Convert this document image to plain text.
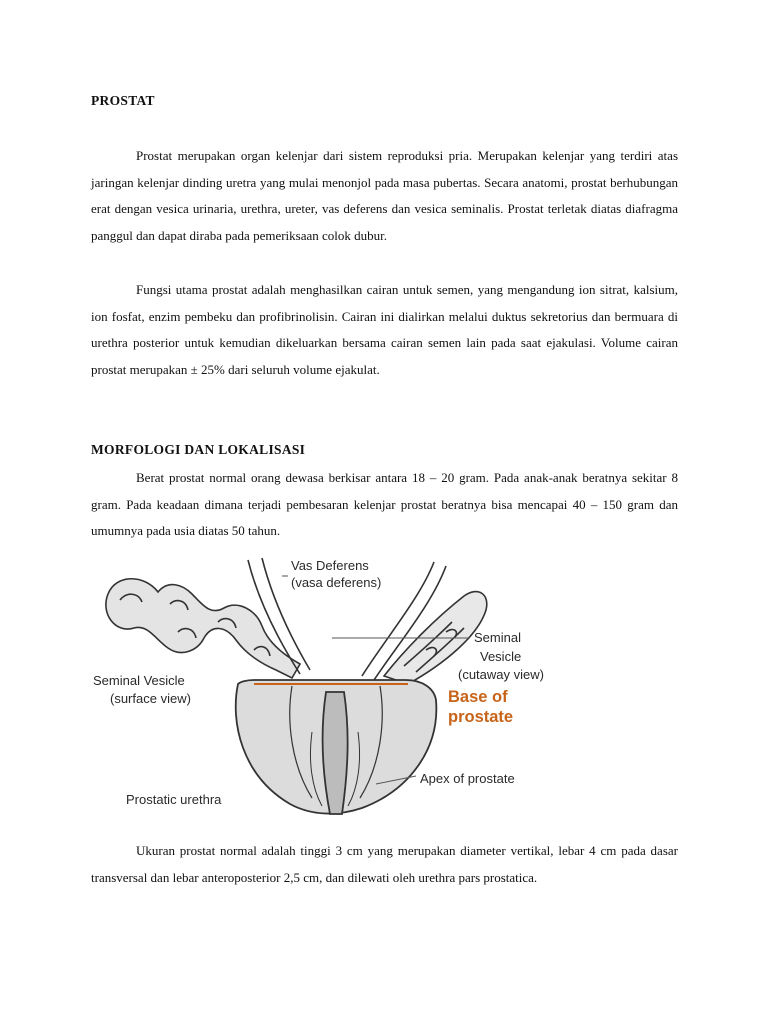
PROSTAT

Prostat merupakan organ kelenjar dari sistem reproduksi pria. Merupakan kelenjar yang terdiri atas jaringan kelenjar dinding uretra yang mulai menonjol pada masa pubertas. Secara anatomi, prostat berhubungan erat dengan vesica urinaria, urethra, ureter, vas deferens dan vesica seminalis. Prostat terletak diatas diafragma panggul dan dapat diraba pada pemeriksaan colok dubur.

Fungsi utama prostat adalah menghasilkan cairan untuk semen, yang mengandung ion sitrat, kalsium, ion fosfat, enzim pembeku dan profibrinolisin. Cairan ini dialirkan melalui duktus sekretorius dan bermuara di urethra posterior untuk kemudian dikeluarkan bersama cairan semen lain pada saat ejakulasi. Volume cairan prostat merupakan ± 25% dari seluruh volume ejakulat.

MORFOLOGI DAN LOKALISASI

Berat prostat normal orang dewasa berkisar antara 18 – 20 gram. Pada anak-anak beratnya sekitar 8 gram. Pada keadaan dimana terjadi pembesaran kelenjar prostat beratnya bisa mencapai 40 – 150 gram dan umumnya pada usia diatas 50 tahun.

Vas Deferens
(vasa deferens)
Seminal Vesicle
(surface view)
Seminal
Vesicle
(cutaway view)
Base of
prostate
Apex of prostate
Prostatic urethra

Ukuran prostat normal adalah tinggi 3 cm yang merupakan diameter vertikal, lebar 4 cm pada dasar transversal dan lebar anteroposterior 2,5 cm, dan dilewati oleh urethra pars prostatica.
